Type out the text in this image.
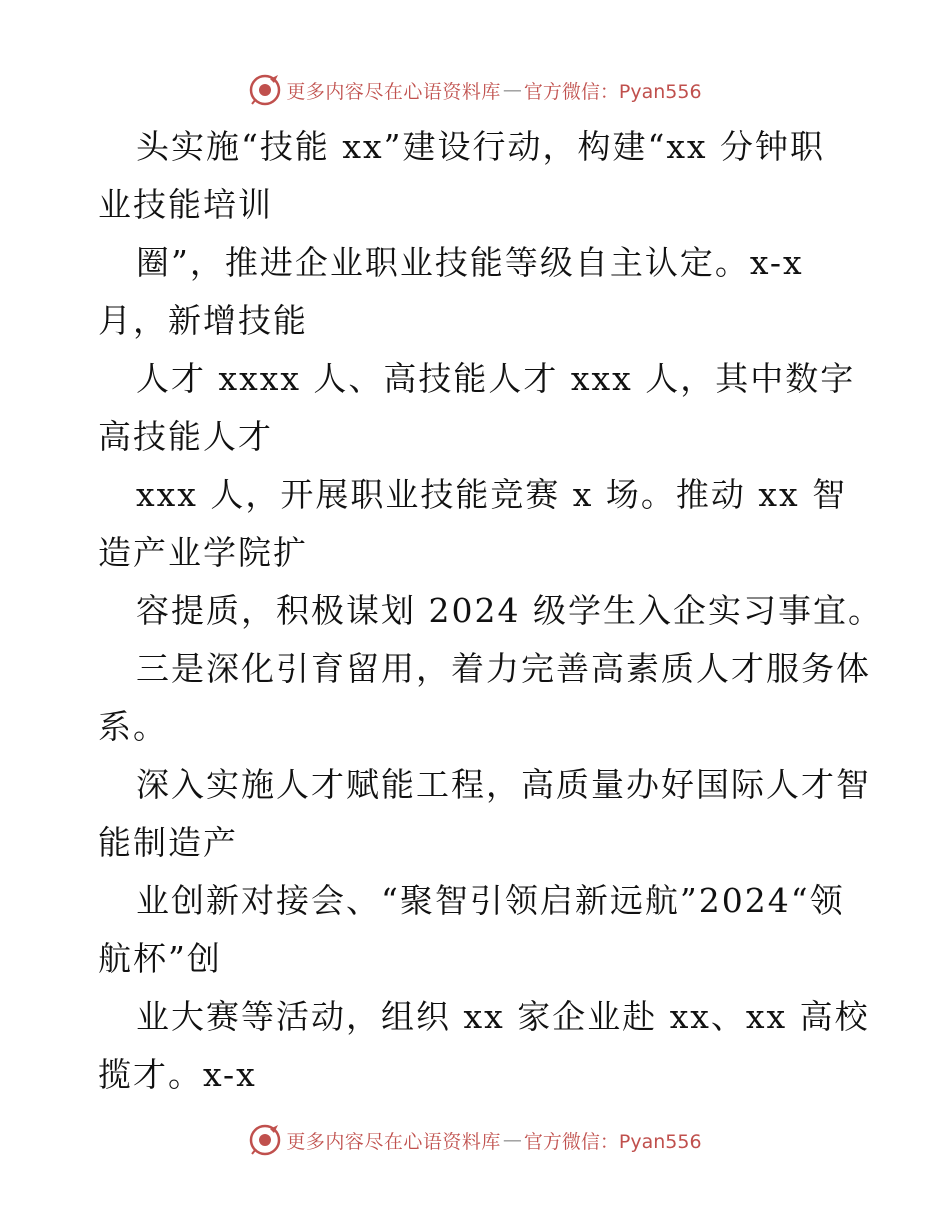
更多内容尽在心语资料库 — 官方微信：Pyan556
头实施“技能 xx”建设行动，构建“xx 分钟职
业技能培训
圈”，推进企业职业技能等级自主认定。x-x
月，新增技能
人才 xxxx 人、高技能人才 xxx 人，其中数字
高技能人才
xxx 人，开展职业技能竞赛 x 场。推动 xx 智
造产业学院扩
容提质，积极谋划 2024 级学生入企实习事宜。
三是深化引育留用，着力完善高素质人才服务体
系。
深入实施人才赋能工程，高质量办好国际人才智
能制造产
业创新对接会、“聚智引领启新远航”2024“领
航杯”创
业大赛等活动，组织 xx 家企业赴 xx、xx 高校
揽才。x-x
更多内容尽在心语资料库 — 官方微信：Pyan556
